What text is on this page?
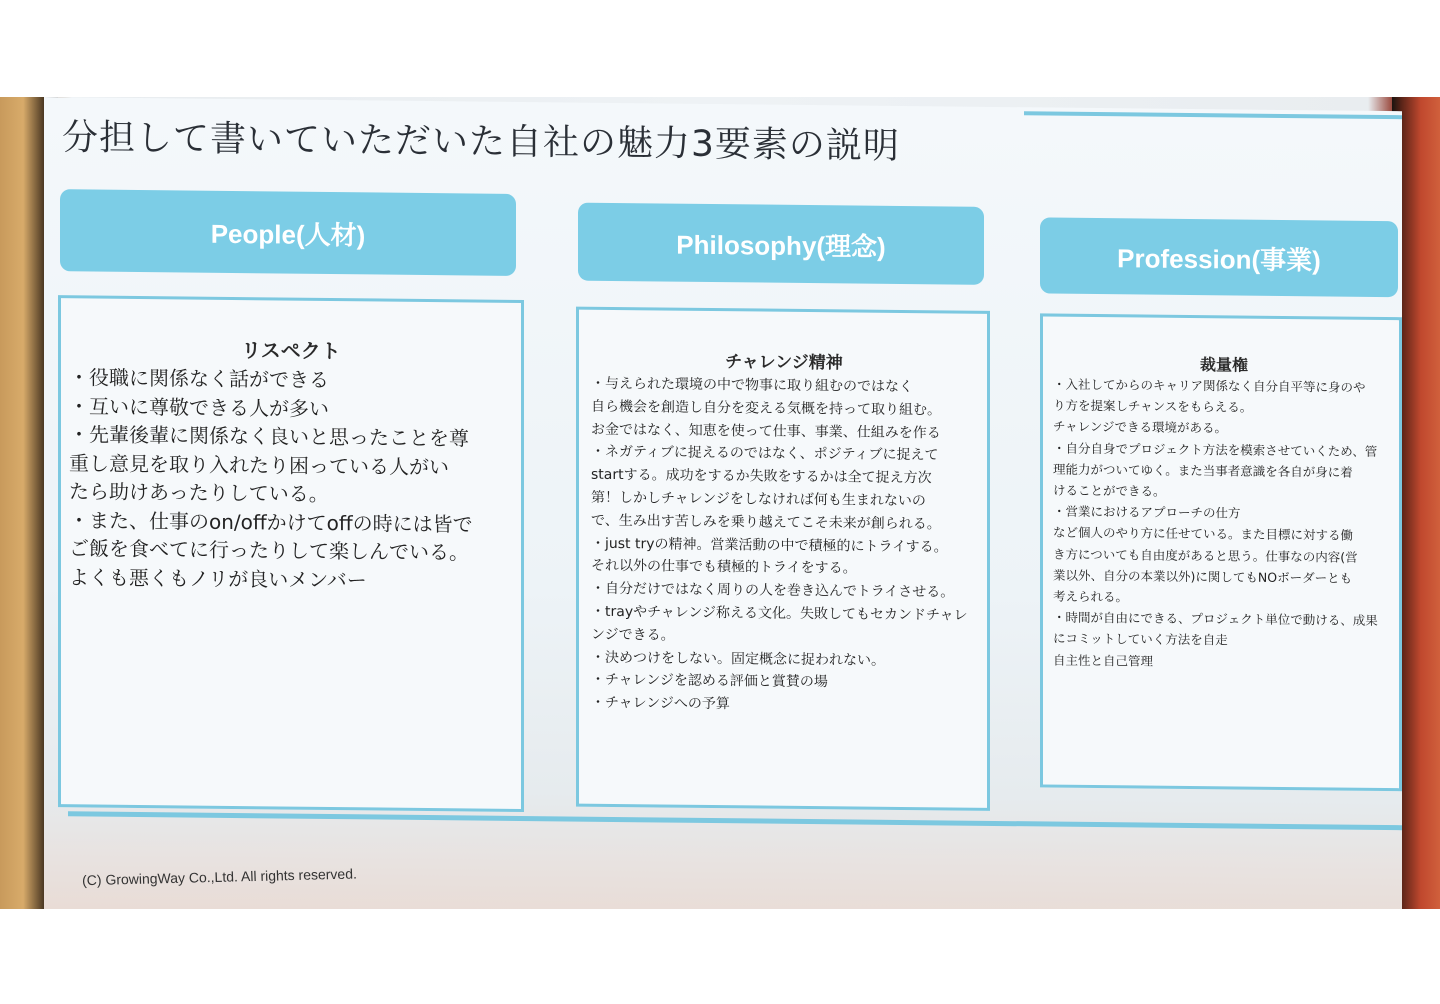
分担して書いていただいた自社の魅力3要素の説明
People(人材)
リスペクト
・役職に関係なく話ができる
・互いに尊敬できる人が多い
・先輩後輩に関係なく良いと思ったことを尊
重し意見を取り入れたり困っている人がい
たら助けあったりしている。
・また、仕事のon/offかけてoffの時には皆で
ご飯を食べてに行ったりして楽しんでいる。
よくも悪くもノリが良いメンバー
Philosophy(理念)
チャレンジ精神
・与えられた環境の中で物事に取り組むのではなく
自ら機会を創造し自分を変える気概を持って取り組む。
お金ではなく、知恵を使って仕事、事業、仕組みを作る
・ネガティブに捉えるのではなく、ポジティブに捉えて
startする。成功をするか失敗をするかは全て捉え方次
第！しかしチャレンジをしなければ何も生まれないの
で、生み出す苦しみを乗り越えてこそ未来が創られる。
・just tryの精神。営業活動の中で積極的にトライする。
それ以外の仕事でも積極的トライをする。
・自分だけではなく周りの人を巻き込んでトライさせる。
・trayやチャレンジ称える文化。失敗してもセカンドチャレ
ンジできる。
・決めつけをしない。固定概念に捉われない。
・チャレンジを認める評価と賞賛の場
・チャレンジへの予算
Profession(事業)
裁量権
・入社してからのキャリア関係なく自分自平等に身のや
り方を提案しチャンスをもらえる。
チャレンジできる環境がある。
・自分自身でプロジェクト方法を模索させていくため、管
理能力がついてゆく。また当事者意識を各自が身に着
けることができる。
・営業におけるアプローチの仕方
など個人のやり方に任せている。また目標に対する働
き方についても自由度があると思う。仕事なの内容(営
業以外、自分の本業以外)に関してもNOボーダーとも
考えられる。
・時間が自由にできる、プロジェクト単位で動ける、成果
にコミットしていく方法を自走
自主性と自己管理
(C) GrowingWay Co.,Ltd. All rights reserved.
